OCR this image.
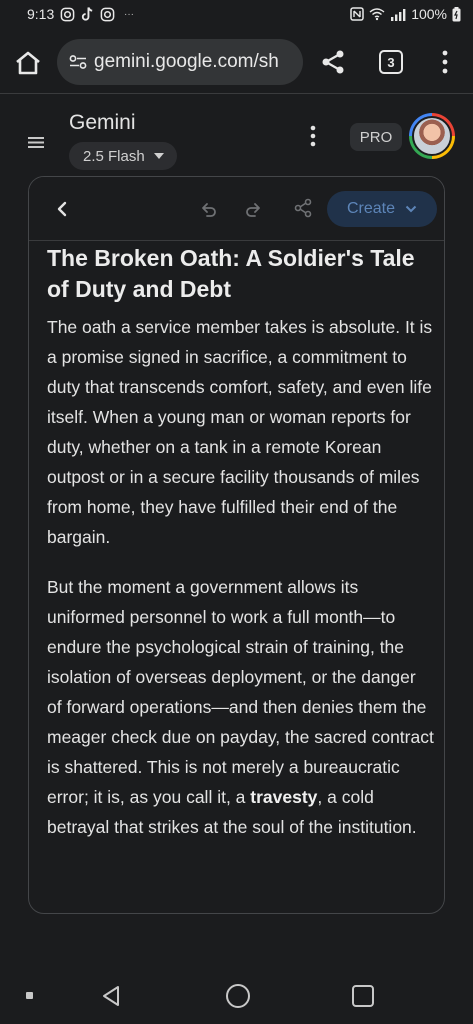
9:13	···	100%
gemini.google.com/sh	3
Gemini
2.5 Flash
PRO
Create
The Broken Oath: A Soldier's Tale of Duty and Debt

The oath a service member takes is absolute. It is a promise signed in sacrifice, a commitment to duty that transcends comfort, safety, and even life itself. When a young man or woman reports for duty, whether on a tank in a remote Korean outpost or in a secure facility thousands of miles from home, they have fulfilled their end of the bargain.

But the moment a government allows its uniformed personnel to work a full month—to endure the psychological strain of training, the isolation of overseas deployment, or the danger of forward operations—and then denies them the meager check due on payday, the sacred contract is shattered. This is not merely a bureaucratic error; it is, as you call it, a travesty, a cold betrayal that strikes at the soul of the institution.
